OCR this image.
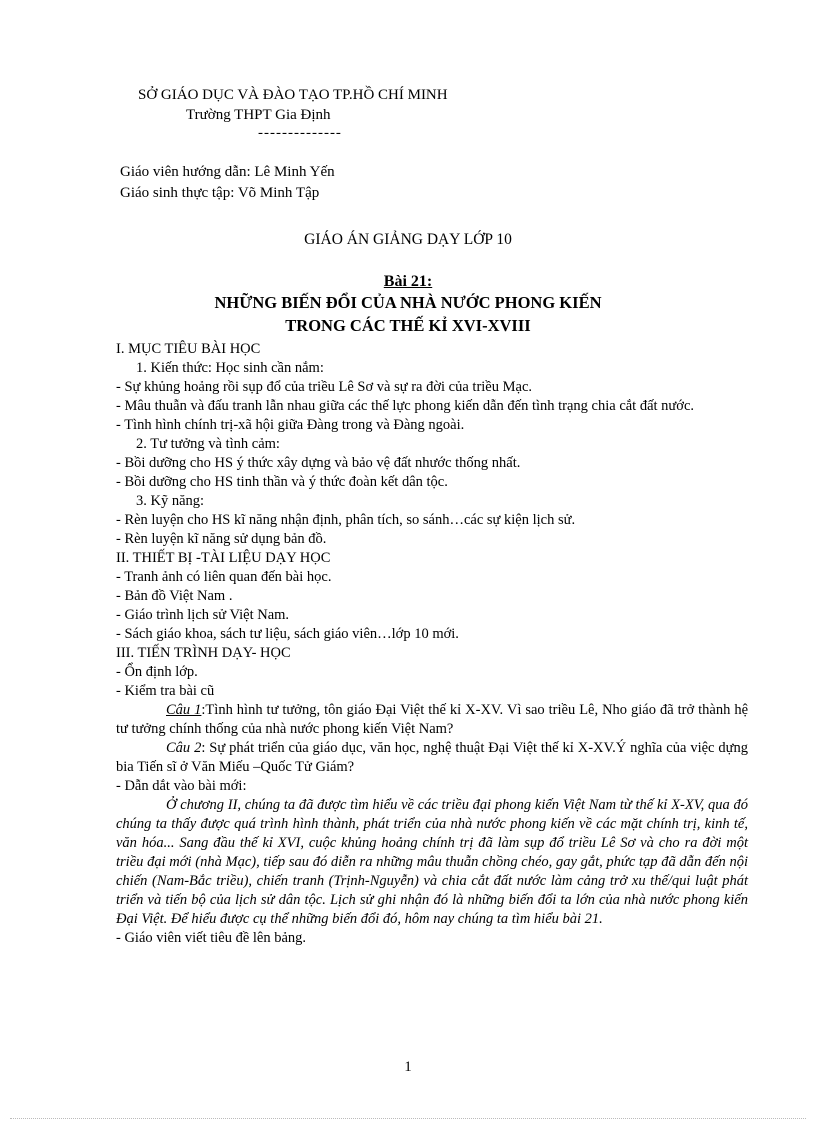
SỞ GIÁO DỤC VÀ ĐÀO TẠO TP.HỒ CHÍ MINH
Trường THPT Gia Định
--------------
Giáo viên hướng dẫn: Lê Minh Yến
Giáo sinh thực tập: Võ Minh Tập
GIÁO ÁN GIẢNG DẠY LỚP 10
Bài 21:
NHỮNG BIẾN ĐỔI CỦA NHÀ NƯỚC PHONG KIẾN
TRONG CÁC THẾ KỈ XVI-XVIII

I. MỤC TIÊU BÀI HỌC

1. Kiến thức: Học sinh cần nắm:

- Sự khủng hoảng rồi sụp đổ của triều Lê Sơ và sự ra đời của triều Mạc.

- Mâu thuẫn và đấu tranh lẫn nhau giữa các thế lực phong kiến dẫn đến tình trạng chia cắt đất nước.

- Tình hình chính trị-xã hội giữa Đàng trong và Đàng ngoài.

2. Tư tưởng và tình cảm:

- Bồi dưỡng cho HS ý thức xây dựng và bảo vệ đất nhước thống nhất.

- Bồi dưỡng cho HS tinh thần và ý thức đoàn kết dân tộc.

3. Kỹ năng:

- Rèn luyện cho HS kĩ năng nhận định, phân tích, so sánh…các sự kiện lịch sử.

- Rèn luyện kĩ năng sử dụng bản đồ.

II. THIẾT BỊ -TÀI LIỆU DẠY HỌC

- Tranh ảnh có liên quan đến bài học.

- Bản đồ Việt Nam .

- Giáo trình lịch sử Việt Nam.

- Sách giáo khoa, sách tư liệu, sách giáo viên…lớp 10 mới.

III. TIẾN TRÌNH DẠY- HỌC

- Ổn định lớp.

- Kiểm tra bài cũ

Câu 1:Tình hình tư tưởng, tôn giáo Đại Việt thế kỉ X-XV. Vì sao triều Lê, Nho giáo đã trở thành hệ tư tưởng chính thống của nhà nước phong kiến Việt Nam?

Câu 2: Sự phát triển của giáo dục, văn học, nghệ thuật Đại Việt thế kỉ X-XV.Ý nghĩa của việc dựng bia Tiến sĩ ở Văn Miếu –Quốc Tử Giám?

- Dẫn dắt vào bài mới:

Ở chương II, chúng ta đã được tìm hiểu về các triều đại phong kiến Việt Nam từ thế kỉ X-XV, qua đó chúng ta thấy được quá trình hình thành, phát triển của nhà nước phong kiến về các mặt chính trị, kinh tế, văn hóa... Sang đầu thế kỉ XVI, cuộc khủng hoảng chính trị đã làm sụp đổ triều Lê Sơ và cho ra đời một triều đại mới (nhà Mạc), tiếp sau đó diễn ra những mâu thuẫn chồng chéo, gay gắt, phức tạp đã dẫn đến nội chiến (Nam-Bắc triều), chiến tranh (Trịnh-Nguyễn) và chia cắt đất nước làm cảng trở xu thế/qui luật phát triển và tiến bộ của lịch sử dân tộc. Lịch sử ghi nhận đó là những biến đổi ta lớn của nhà nước phong kiến Đại Việt. Để hiểu được cụ thể những biến đổi đó, hôm nay chúng ta tìm hiểu bài 21.

- Giáo viên viết tiêu đề lên bảng.

1
